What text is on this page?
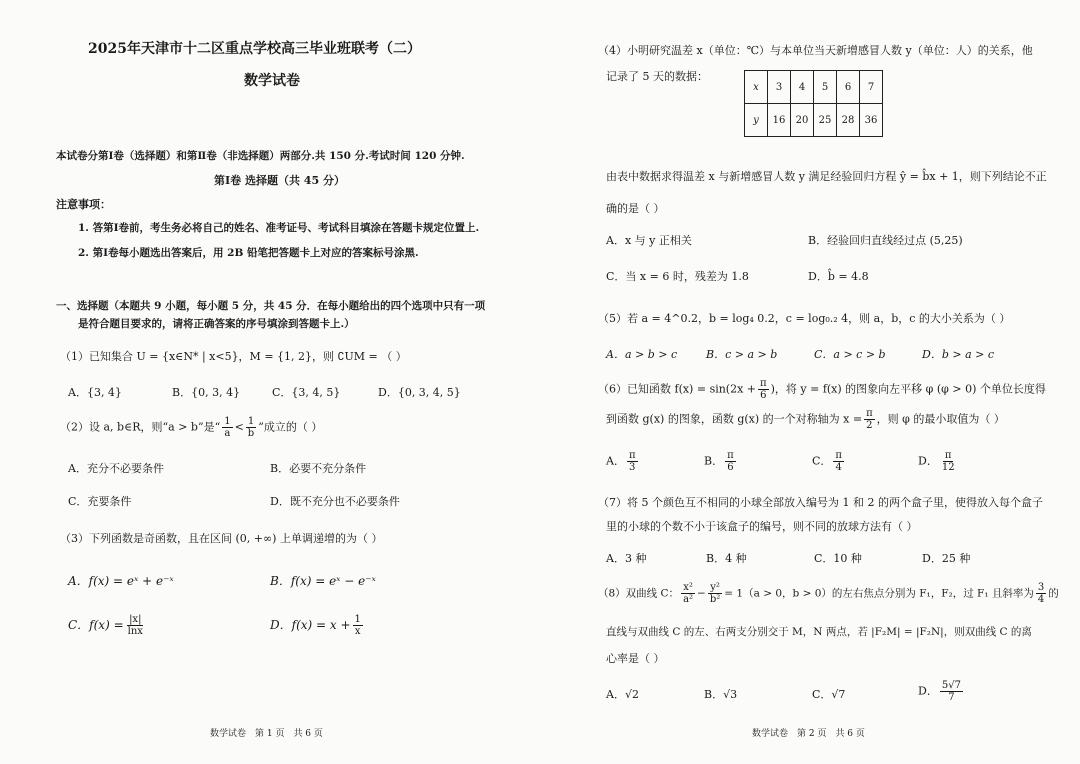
2025年天津市十二区重点学校高三毕业班联考（二）
数学试卷
本试卷分第Ⅰ卷（选择题）和第Ⅱ卷（非选择题）两部分.共 150 分.考试时间 120 分钟.
第Ⅰ卷 选择题（共 45 分）
注意事项：
1. 答第Ⅰ卷前，考生务必将自己的姓名、准考证号、考试科目填涂在答题卡规定位置上.
2. 第Ⅰ卷每小题选出答案后，用 2B 铅笔把答题卡上对应的答案标号涂黑.
一、选择题（本题共 9 小题，每小题 5 分，共 45 分．在每小题给出的四个选项中只有一项
是符合题目要求的，请将正确答案的序号填涂到答题卡上.）
（1）已知集合 U = {x∈N* | x<5}，M = {1, 2}，则 ∁UM = （ ）
A．{3, 4}	B．{0, 3, 4}	C．{3, 4, 5}	D．{0, 3, 4, 5}
（2）设 a, b∈R，则“a > b”是“ $\frac{1}{a} < \frac{1}{b}$ ”成立的（ ）
A．充分不必要条件	B．必要不充分条件
C．充要条件	D．既不充分也不必要条件
（3）下列函数是奇函数，且在区间 (0, +∞) 上单调递增的为（ ）
A．f(x) = eˣ + e⁻ˣ	B．f(x) = eˣ − e⁻ˣ
C．$f(x) = \frac{|x|}{\ln x}$	D．$f(x) = x + \frac{1}{x}$
数学试卷　第 1 页　共 6 页
（4）小明研究温差 x（单位：℃）与本单位当天新增感冒人数 y（单位：人）的关系，他
记录了 5 天的数据：
x	3	4	5	6	7
y	16	20	25	28	36
由表中数据求得温差 x 与新增感冒人数 y 满足经验回归方程 ŷ = b̂x + 1，则下列结论不正
确的是（ ）
A．x 与 y 正相关	B．经验回归直线经过点 (5,25)
C．当 x = 6 时，残差为 1.8	D．b̂ = 4.8
（5）若 a = 4^0.2，b = log₄ 0.2，c = log₀.₂ 4，则 a，b，c 的大小关系为（ ）
A．a > b > c	B．c > a > b	C．a > c > b	D．b > a > c
（6）已知函数 $f(x) = \sin(2x + \frac{\pi}{6}$ )，将 y = f(x) 的图象向左平移 φ (φ > 0) 个单位长度得
到函数 g(x) 的图象，函数 g(x) 的一个对称轴为 $x = \frac{\pi}{2}$ ，则 φ 的最小取值为（ ）
A． $\frac{\pi}{3}$	B． $\frac{\pi}{6}$	C． $\frac{\pi}{4}$	D． $\frac{\pi}{12}$
（7）将 5 个颜色互不相同的小球全部放入编号为 1 和 2 的两个盒子里，使得放入每个盒子
里的小球的个数不小于该盒子的编号，则不同的放球方法有（ ）
A．3 种	B．4 种	C．10 种	D．25 种
（8）双曲线 C： $\frac{\text{x²}}{\text{a²}} - \frac{\text{y²}}{\text{b²}} = 1(a > 0$，b > 0）的左右焦点分别为 F₁，F₂，过 F₁ 且斜率为 $\frac{3}{4}$ 的
直线与双曲线 C 的左、右两支分别交于 M，N 两点，若 |F₂M| = |F₂N|，则双曲线 C 的离
心率是（ ）
A．√2	B．√3	C．√7	D． $\frac{5√7}{7}$
数学试卷　第 2 页　共 6 页
